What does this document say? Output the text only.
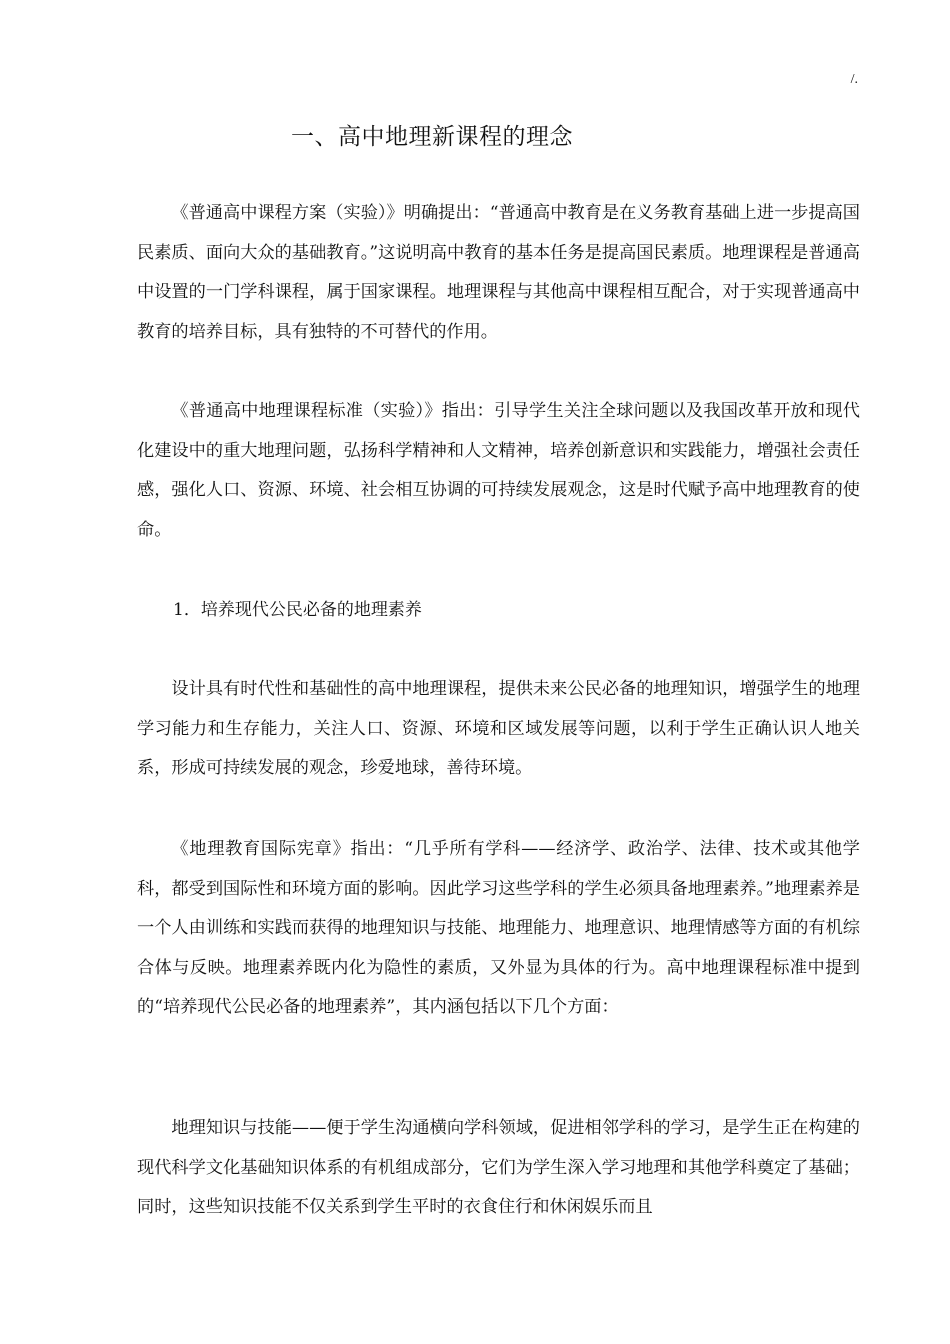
/.
一、高中地理新课程的理念

《普通高中课程方案（实验）》明确提出：“普通高中教育是在义务教育基础上进一步提高国民素质、面向大众的基础教育。”这说明高中教育的基本任务是提高国民素质。地理课程是普通高中设置的一门学科课程，属于国家课程。地理课程与其他高中课程相互配合，对于实现普通高中教育的培养目标，具有独特的不可替代的作用。

《普通高中地理课程标准（实验）》指出：引导学生关注全球问题以及我国改革开放和现代化建设中的重大地理问题，弘扬科学精神和人文精神，培养创新意识和实践能力，增强社会责任感，强化人口、资源、环境、社会相互协调的可持续发展观念，这是时代赋予高中地理教育的使命。

1．培养现代公民必备的地理素养

设计具有时代性和基础性的高中地理课程，提供未来公民必备的地理知识，增强学生的地理学习能力和生存能力，关注人口、资源、环境和区域发展等问题，以利于学生正确认识人地关系，形成可持续发展的观念，珍爱地球，善待环境。

《地理教育国际宪章》指出：“几乎所有学科——经济学、政治学、法律、技术或其他学科，都受到国际性和环境方面的影响。因此学习这些学科的学生必须具备地理素养。”地理素养是一个人由训练和实践而获得的地理知识与技能、地理能力、地理意识、地理情感等方面的有机综合体与反映。地理素养既内化为隐性的素质，又外显为具体的行为。高中地理课程标准中提到的“培养现代公民必备的地理素养”，其内涵包括以下几个方面：

地理知识与技能——便于学生沟通横向学科领域，促进相邻学科的学习，是学生正在构建的现代科学文化基础知识体系的有机组成部分，它们为学生深入学习地理和其他学科奠定了基础；同时，这些知识技能不仅关系到学生平时的衣食住行和休闲娱乐而且
